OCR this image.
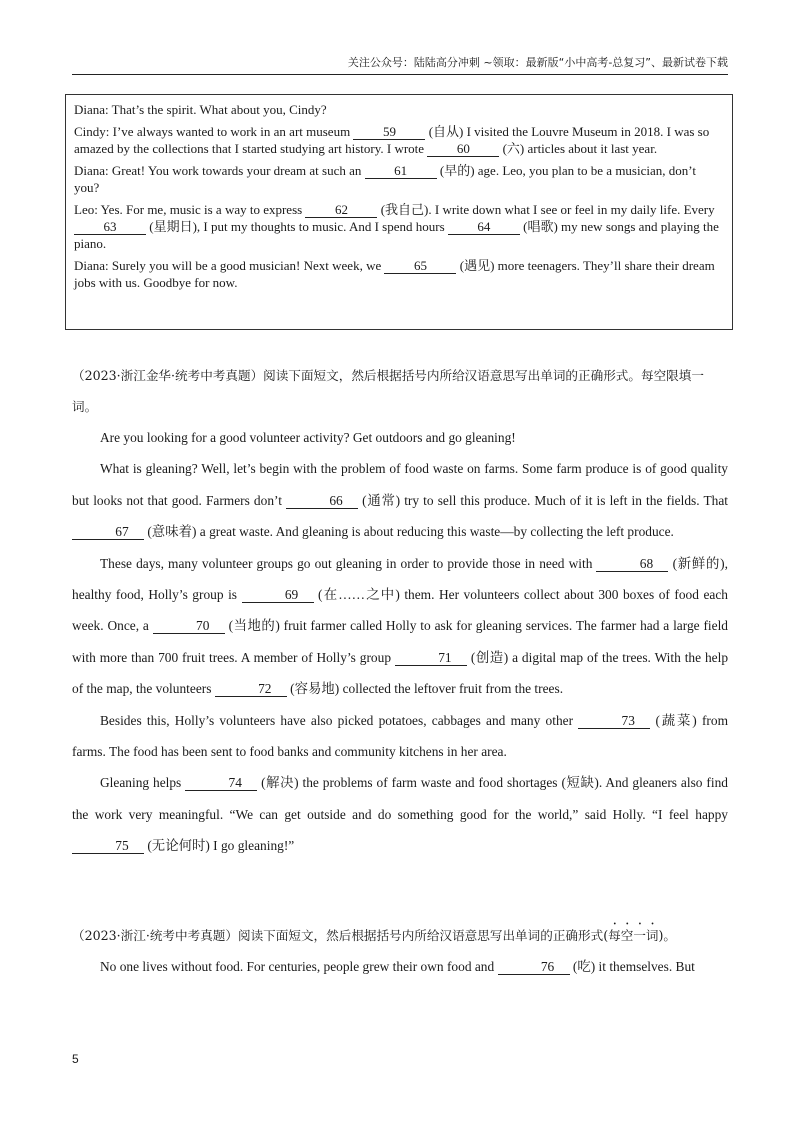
关注公众号：陆陆高分冲刺 ~领取：最新版“小中高考-总复习”、最新试卷下载

Diana: That’s the spirit. What about you, Cindy?

Cindy: I’ve always wanted to work in an art museum 59 (自从) I visited the Louvre Museum in 2018. I was so amazed by the collections that I started studying art history. I wrote 60 (六) articles about it last year.

Diana: Great! You work towards your dream at such an 61 (早的) age. Leo, you plan to be a musician, don’t you?

Leo: Yes. For me, music is a way to express 62 (我自己). I write down what I see or feel in my daily life. Every 63 (星期日), I put my thoughts to music. And I spend hours 64 (唱歌) my new songs and playing the piano.

Diana: Surely you will be a good musician! Next week, we 65 (遇见) more teenagers. They’ll share their dream jobs with us. Goodbye for now.

（2023·浙江金华·统考中考真题）阅读下面短文，然后根据括号内所给汉语意思写出单词的正确形式。每空限填一词。

Are you looking for a good volunteer activity? Get outdoors and go gleaning!

What is gleaning? Well, let’s begin with the problem of food waste on farms. Some farm produce is of good quality but looks not that good. Farmers don’t	66 (通常) try to sell this produce. Much of it is left in the fields. That 67 (意味着) a great waste. And gleaning is about reducing this waste—by collecting the left produce.

These days, many volunteer groups go out gleaning in order to provide those in need with	68 (新鲜的), healthy food, Holly’s group is	69 (在……之中) them. Her volunteers collect about 300 boxes of food each week. Once, a	70 (当地的) fruit farmer called Holly to ask for gleaning services. The farmer had a large field with more than 700 fruit trees. A member of Holly’s group	71 (创造) a digital map of the trees. With the help of the map, the volunteers	72 (容易地) collected the leftover fruit from the trees.

Besides this, Holly’s volunteers have also picked potatoes, cabbages and many other	73 (蔬菜) from farms. The food has been sent to food banks and community kitchens in her area.

Gleaning helps	74 (解决) the problems of farm waste and food shortages (短缺). And gleaners also find the work very meaningful. “We can get outside and do something good for the world,” said Holly. “I feel happy 75 (无论何时) I go gleaning!”

（2023·浙江·统考中考真题）阅读下面短文，然后根据括号内所给汉语意思写出单词的正确形式(每空一词)。

No one lives without food. For centuries, people grew their own food and	76 (吃) it themselves. But

5
